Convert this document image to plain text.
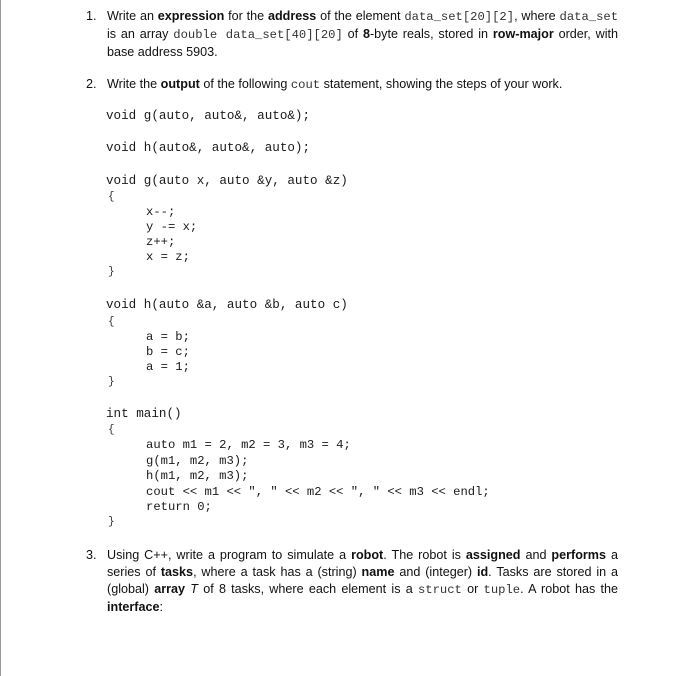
1. Write an expression for the address of the element data_set[20][2], where data_set is an array double data_set[40][20] of 8-byte reals, stored in row-major order, with base address 5903.
2. Write the output of the following cout statement, showing the steps of your work.
void g(auto, auto&, auto&);
void h(auto&, auto&, auto);
void g(auto x, auto &y, auto &z)
{
x--;
y -= x;
z++;
x = z;
}
void h(auto &a, auto &b, auto c)
{
a = b;
b = c;
a = 1;
}
int main()
{
auto m1 = 2, m2 = 3, m3 = 4;
g(m1, m2, m3);
h(m1, m2, m3);
cout << m1 << ", " << m2 << ", " << m3 << endl;
return 0;
}
3. Using C++, write a program to simulate a robot. The robot is assigned and performs a series of tasks, where a task has a (string) name and (integer) id. Tasks are stored in a (global) array T of 8 tasks, where each element is a struct or tuple. A robot has the interface:
